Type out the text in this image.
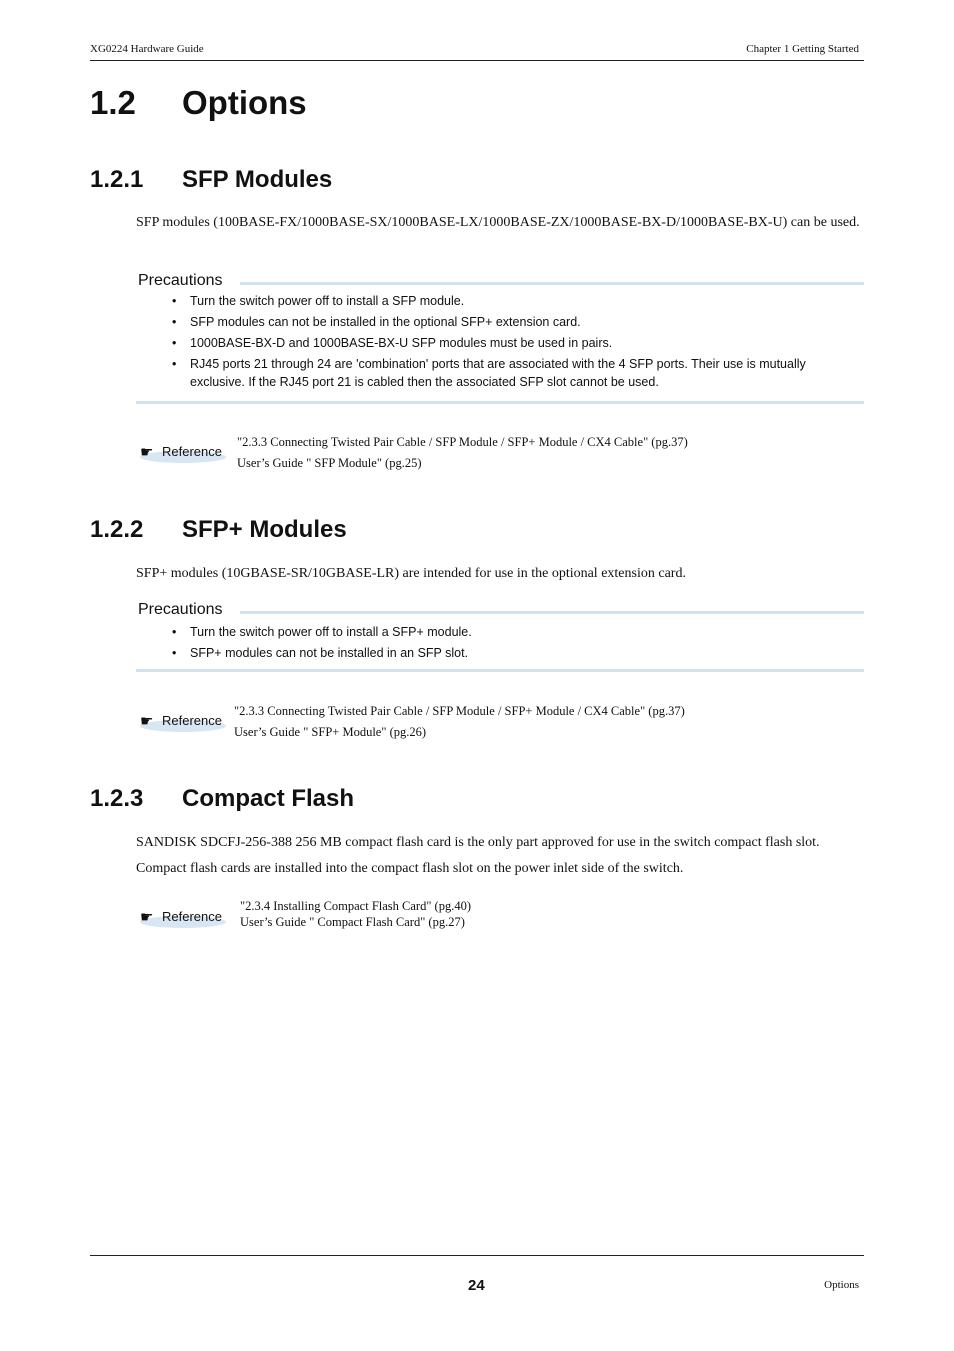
XG0224 Hardware Guide	Chapter 1 Getting Started
1.2 Options
1.2.1 SFP Modules
SFP modules (100BASE-FX/1000BASE-SX/1000BASE-LX/1000BASE-ZX/1000BASE-BX-D/1000BASE-BX-U) can be used.
Precautions
• Turn the switch power off to install a SFP module.
• SFP modules can not be installed in the optional SFP+ extension card.
• 1000BASE-BX-D and 1000BASE-BX-U SFP modules must be used in pairs.
• RJ45 ports 21 through 24 are 'combination' ports that are associated with the 4 SFP ports. Their use is mutually exclusive. If the RJ45 port 21 is cabled then the associated SFP slot cannot be used.
☛ Reference
"2.3.3 Connecting Twisted Pair Cable / SFP Module / SFP+ Module / CX4 Cable" (pg.37)
User’s Guide " SFP Module" (pg.25)
1.2.2 SFP+ Modules
SFP+ modules (10GBASE-SR/10GBASE-LR) are intended for use in the optional extension card.
Precautions
• Turn the switch power off to install a SFP+ module.
• SFP+ modules can not be installed in an SFP slot.
☛ Reference
"2.3.3 Connecting Twisted Pair Cable / SFP Module / SFP+ Module / CX4 Cable" (pg.37)
User’s Guide " SFP+ Module" (pg.26)
1.2.3 Compact Flash
SANDISK SDCFJ-256-388 256 MB compact flash card is the only part approved for use in the switch compact flash slot.
Compact flash cards are installed into the compact flash slot on the power inlet side of the switch.
☛ Reference
"2.3.4 Installing Compact Flash Card" (pg.40)
User’s Guide " Compact Flash Card" (pg.27)
24	Options
